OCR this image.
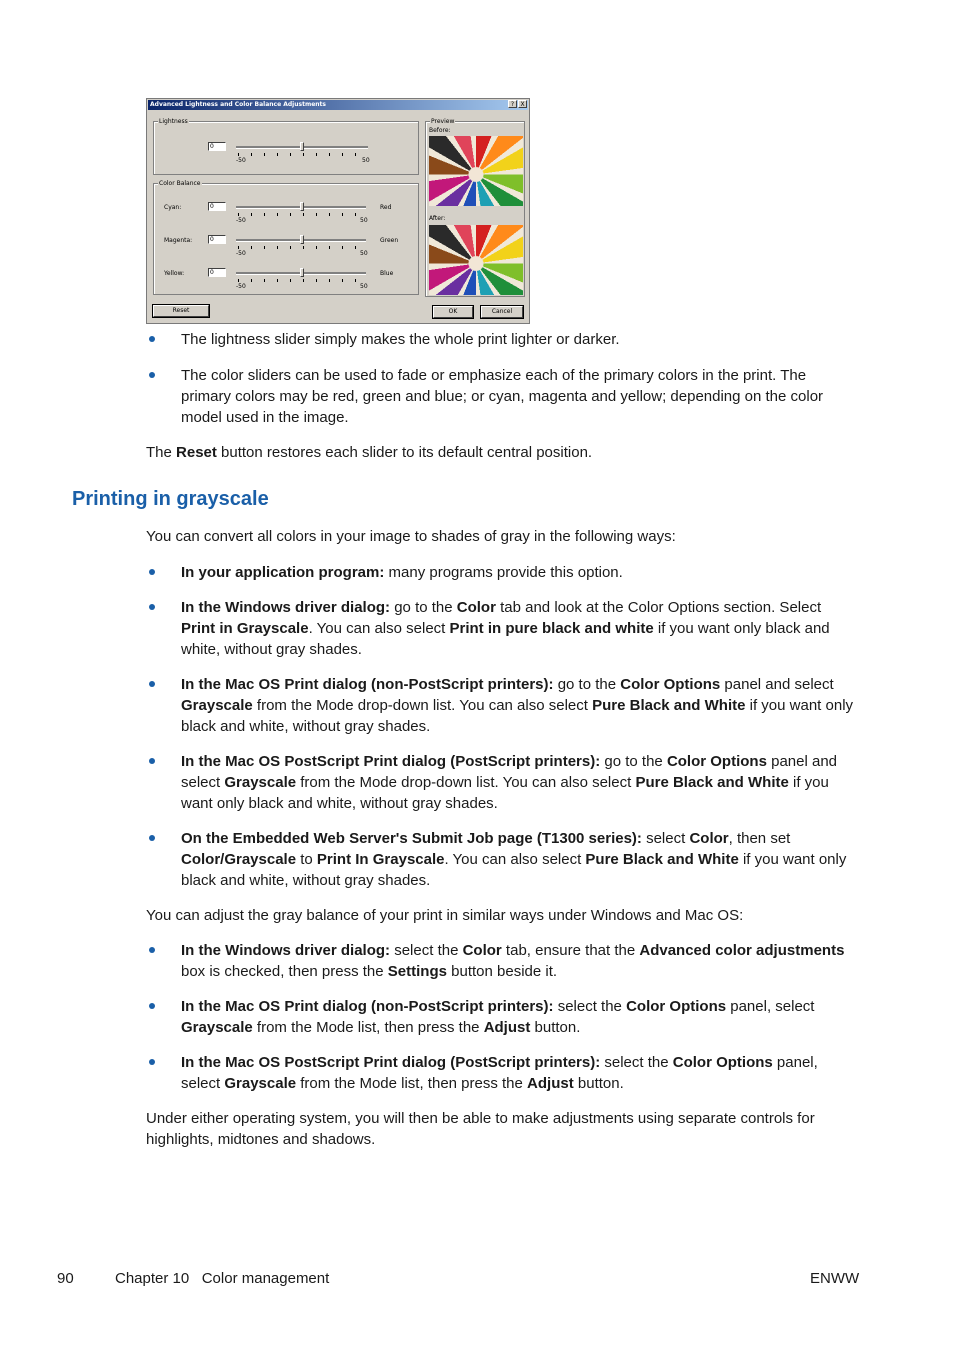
Advanced Lightness and Color Balance Adjustments	?	X
Lightness
0
-50	50
Color Balance
Cyan:	0
-50	50
Red
Magenta:	0
-50	50
Green
Yellow:	0
-50	50
Blue
Preview
Before:
After:
Reset	OK	Cancel
The lightness slider simply makes the whole print lighter or darker.
The color sliders can be used to fade or emphasize each of the primary colors in the print. The primary colors may be red, green and blue; or cyan, magenta and yellow; depending on the color model used in the image.
The Reset button restores each slider to its default central position.
Printing in grayscale
You can convert all colors in your image to shades of gray in the following ways:
In your application program: many programs provide this option.
In the Windows driver dialog: go to the Color tab and look at the Color Options section. Select Print in Grayscale. You can also select Print in pure black and white if you want only black and white, without gray shades.
In the Mac OS Print dialog (non-PostScript printers): go to the Color Options panel and select Grayscale from the Mode drop-down list. You can also select Pure Black and White if you want only black and white, without gray shades.
In the Mac OS PostScript Print dialog (PostScript printers): go to the Color Options panel and select Grayscale from the Mode drop-down list. You can also select Pure Black and White if you want only black and white, without gray shades.
On the Embedded Web Server's Submit Job page (T1300 series): select Color, then set Color/Grayscale to Print In Grayscale. You can also select Pure Black and White if you want only black and white, without gray shades.
You can adjust the gray balance of your print in similar ways under Windows and Mac OS:
In the Windows driver dialog: select the Color tab, ensure that the Advanced color adjustments box is checked, then press the Settings button beside it.
In the Mac OS Print dialog (non-PostScript printers): select the Color Options panel, select Grayscale from the Mode list, then press the Adjust button.
In the Mac OS PostScript Print dialog (PostScript printers): select the Color Options panel, select Grayscale from the Mode list, then press the Adjust button.
Under either operating system, you will then be able to make adjustments using separate controls for highlights, midtones and shadows.
90	Chapter 10   Color management	ENWW
